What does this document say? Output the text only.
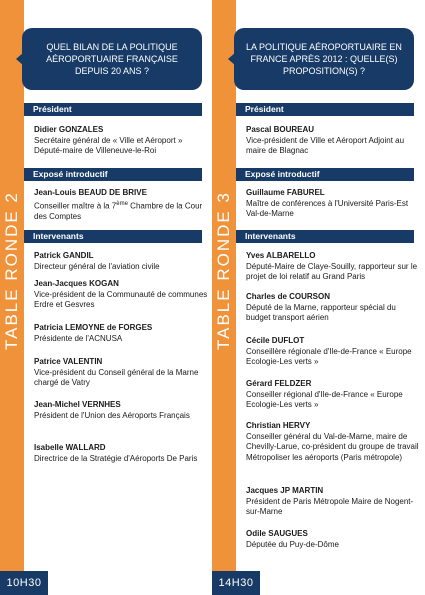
10H30
QUEL BILAN DE LA POLITIQUE AÉROPORTUAIRE FRANÇAISE DEPUIS 20 ANS ?
Président
Didier GONZALES
Secrétaire général de « Ville et Aéroport » Député-maire de Villeneuve-le-Roi
Exposé introductif
Jean-Louis BEAUD DE BRIVE
Conseiller maître à la 7ème Chambre de la Cour des Comptes
Intervenants
Patrick GANDIL
Directeur général de l'aviation civile
Jean-Jacques KOGAN
Vice-président de la Communauté de communes Erdre et Gesvres
Patricia LEMOYNE de FORGES
Présidente de l'ACNUSA
Patrice VALENTIN
Vice-président du Conseil général de la Marne chargé de Vatry
Jean-Michel VERNHES
Président de l'Union des Aéroports Français
Isabelle WALLARD
Directrice de la Stratégie d'Aéroports De Paris
14H30
LA POLITIQUE AÉROPORTUAIRE EN FRANCE APRÈS 2012 : QUELLE(S) PROPOSITION(S) ?
Président
Pascal BOUREAU
Vice-président de Ville et Aéroport Adjoint au maire de Blagnac
Exposé introductif
Guillaume FABUREL
Maître de conférences à l'Université Paris-Est Val-de-Marne
Intervenants
Yves ALBARELLO
Député-Maire de Claye-Souilly, rapporteur sur le projet de loi relatif au Grand Paris
Charles de COURSON
Député de la Marne, rapporteur spécial du budget transport aérien
Cécile DUFLOT
Conseillère régionale d'Ile-de-France « Europe Ecologie-Les verts »
Gérard FELDZER
Conseiller régional d'Ile-de-France « Europe Ecologie-Les verts »
Christian HERVY
Conseiller général du Val-de-Marne, maire de Chevilly-Larue, co-président du groupe de travail Métropoliser les aéroports (Paris métropole)
Jacques JP MARTIN
Président de Paris Métropole Maire de Nogent-sur-Marne
Odile SAUGUES
Députée du Puy-de-Dôme
